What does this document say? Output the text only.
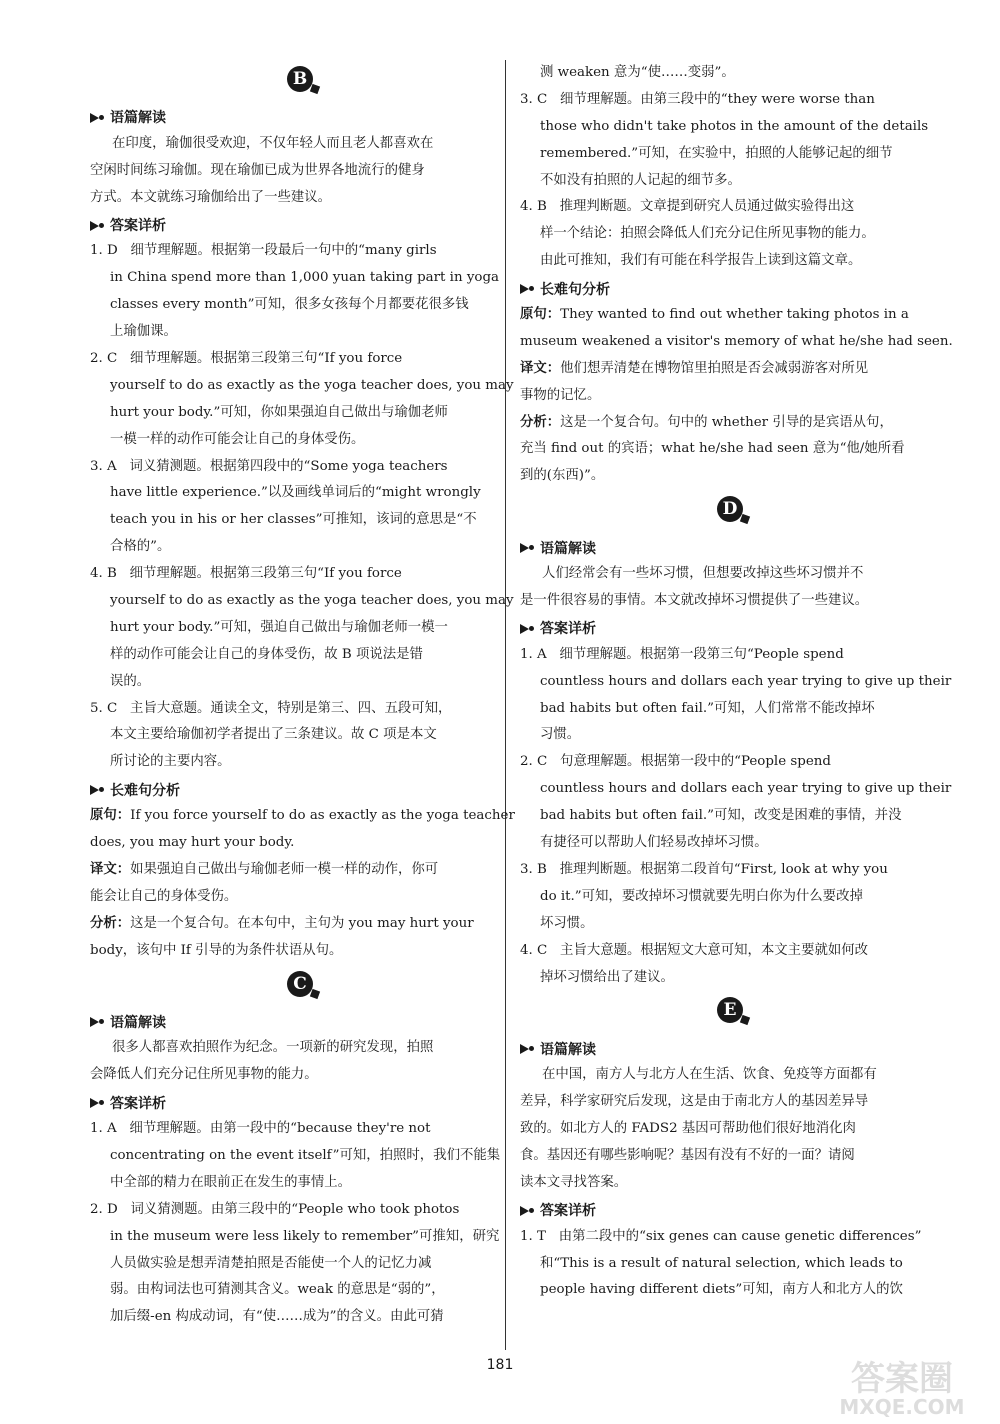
B
语篇解读
在印度，瑜伽很受欢迎，不仅年轻人而且老人都喜欢在
空闲时间练习瑜伽。现在瑜伽已成为世界各地流行的健身
方式。本文就练习瑜伽给出了一些建议。
答案详析
1. D   细节理解题。根据第一段最后一句中的“many girls
in China spend more than 1,000 yuan taking part in yoga
classes every month”可知，很多女孩每个月都要花很多钱
上瑜伽课。
2. C   细节理解题。根据第三段第三句“If you force
yourself to do as exactly as the yoga teacher does, you may
hurt your body.”可知，你如果强迫自己做出与瑜伽老师
一模一样的动作可能会让自己的身体受伤。
3. A   词义猜测题。根据第四段中的“Some yoga teachers
have little experience.”以及画线单词后的“might wrongly
teach you in his or her classes”可推知，该词的意思是“不
合格的”。
4. B   细节理解题。根据第三段第三句“If you force
yourself to do as exactly as the yoga teacher does, you may
hurt your body.”可知，强迫自己做出与瑜伽老师一模一
样的动作可能会让自己的身体受伤，故 B 项说法是错
误的。
5. C   主旨大意题。通读全文，特别是第三、四、五段可知，
本文主要给瑜伽初学者提出了三条建议。故 C 项是本文
所讨论的主要内容。
长难句分析
原句：If you force yourself to do as exactly as the yoga teacher
does, you may hurt your body.
译文：如果强迫自己做出与瑜伽老师一模一样的动作，你可
能会让自己的身体受伤。
分析：这是一个复合句。在本句中，主句为 you may hurt your
body，该句中 If 引导的为条件状语从句。
C
语篇解读
很多人都喜欢拍照作为纪念。一项新的研究发现，拍照
会降低人们充分记住所见事物的能力。
答案详析
1. A   细节理解题。由第一段中的“because they're not
concentrating on the event itself”可知，拍照时，我们不能集
中全部的精力在眼前正在发生的事情上。
2. D   词义猜测题。由第三段中的“People who took photos
in the museum were less likely to remember”可推知，研究
人员做实验是想弄清楚拍照是否能使一个人的记忆力减
弱。由构词法也可猜测其含义。weak 的意思是“弱的”，
加后缀-en 构成动词，有“使……成为”的含义。由此可猜
测 weaken 意为“使……变弱”。
3. C   细节理解题。由第三段中的“they were worse than
those who didn't take photos in the amount of the details
remembered.”可知，在实验中，拍照的人能够记起的细节
不如没有拍照的人记起的细节多。
4. B   推理判断题。文章提到研究人员通过做实验得出这
样一个结论：拍照会降低人们充分记住所见事物的能力。
由此可推知，我们有可能在科学报告上读到这篇文章。
长难句分析
原句：They wanted to find out whether taking photos in a
museum weakened a visitor's memory of what he/she had seen.
译文：他们想弄清楚在博物馆里拍照是否会减弱游客对所见
事物的记忆。
分析：这是一个复合句。句中的 whether 引导的是宾语从句，
充当 find out 的宾语；what he/she had seen 意为“他/她所看
到的(东西)”。
D
语篇解读
人们经常会有一些坏习惯，但想要改掉这些坏习惯并不
是一件很容易的事情。本文就改掉坏习惯提供了一些建议。
答案详析
1. A   细节理解题。根据第一段第三句“People spend
countless hours and dollars each year trying to give up their
bad habits but often fail.”可知，人们常常不能改掉坏
习惯。
2. C   句意理解题。根据第一段中的“People spend
countless hours and dollars each year trying to give up their
bad habits but often fail.”可知，改变是困难的事情，并没
有捷径可以帮助人们轻易改掉坏习惯。
3. B   推理判断题。根据第二段首句“First, look at why you
do it.”可知，要改掉坏习惯就要先明白你为什么要改掉
坏习惯。
4. C   主旨大意题。根据短文大意可知，本文主要就如何改
掉坏习惯给出了建议。
E
语篇解读
在中国，南方人与北方人在生活、饮食、免疫等方面都有
差异，科学家研究后发现，这是由于南北方人的基因差异导
致的。如北方人的 FADS2 基因可帮助他们很好地消化肉
食。基因还有哪些影响呢？基因有没有不好的一面？请阅
读本文寻找答案。
答案详析
1. T   由第二段中的“six genes can cause genetic differences”
和“This is a result of natural selection, which leads to
people having different diets”可知，南方人和北方人的饮
181	答案圈
MXQE.COM
